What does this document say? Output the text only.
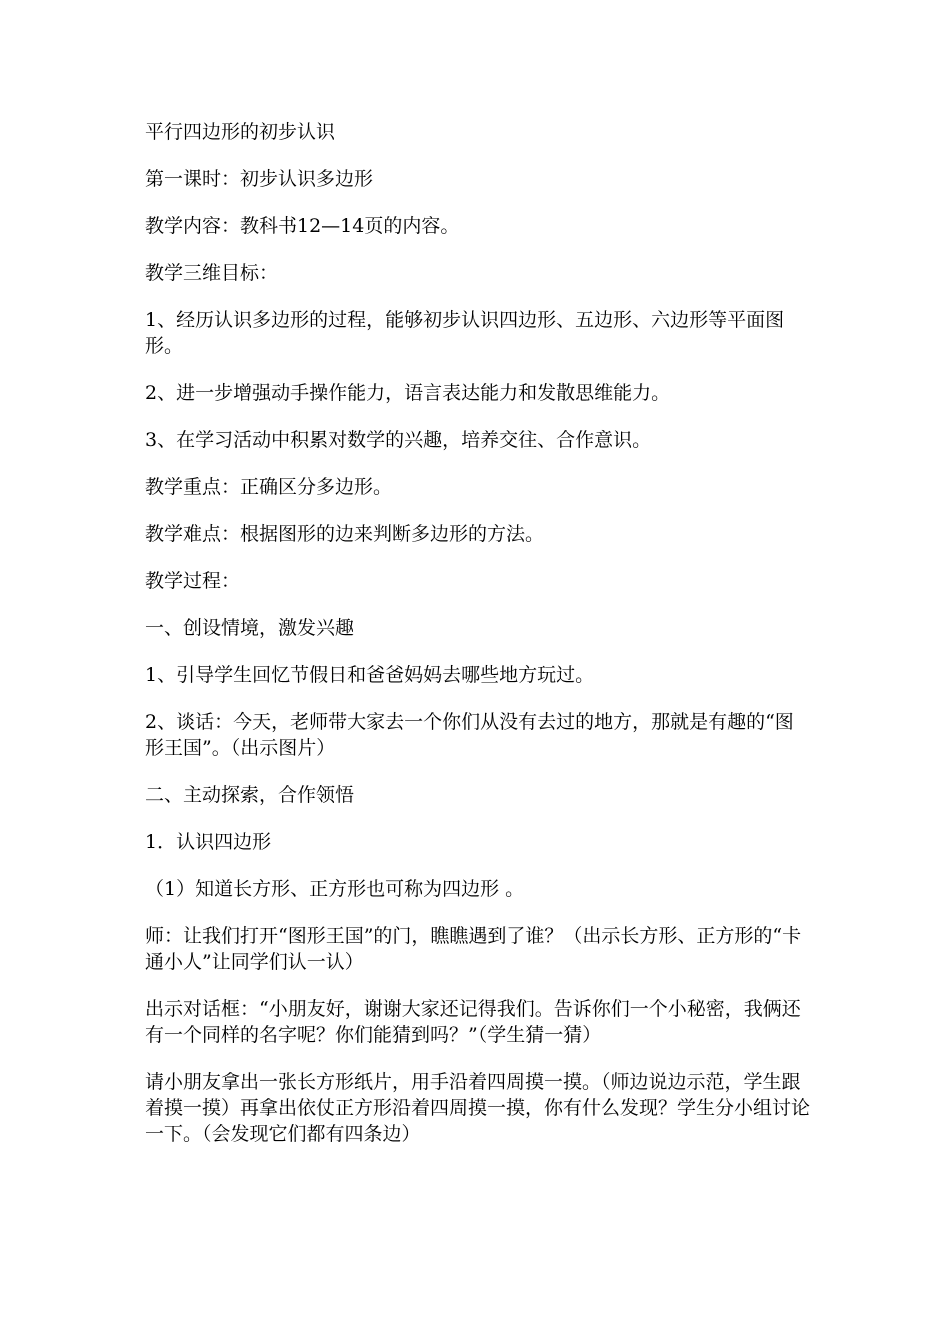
平行四边形的初步认识

第一课时：初步认识多边形

教学内容：教科书12—14页的内容。

教学三维目标：

1、经历认识多边形的过程，能够初步认识四边形、五边形、六边形等平面图形。

2、进一步增强动手操作能力，语言表达能力和发散思维能力。

3、在学习活动中积累对数学的兴趣，培养交往、合作意识。

教学重点：正确区分多边形。

教学难点：根据图形的边来判断多边形的方法。

教学过程：

一、创设情境，激发兴趣

1、引导学生回忆节假日和爸爸妈妈去哪些地方玩过。

2、谈话：今天，老师带大家去一个你们从没有去过的地方，那就是有趣的“图形王国”。（出示图片）

二、主动探索，合作领悟

1．认识四边形

（1）知道长方形、正方形也可称为四边形 。

师：让我们打开“图形王国”的门，瞧瞧遇到了谁？（出示长方形、正方形的“卡通小人”让同学们认一认）

出示对话框：“小朋友好，谢谢大家还记得我们。告诉你们一个小秘密，我俩还有一个同样的名字呢？你们能猜到吗？”（学生猜一猜）

请小朋友拿出一张长方形纸片，用手沿着四周摸一摸。（师边说边示范，学生跟着摸一摸）再拿出依仗正方形沿着四周摸一摸，你有什么发现？学生分小组讨论一下。（会发现它们都有四条边）
